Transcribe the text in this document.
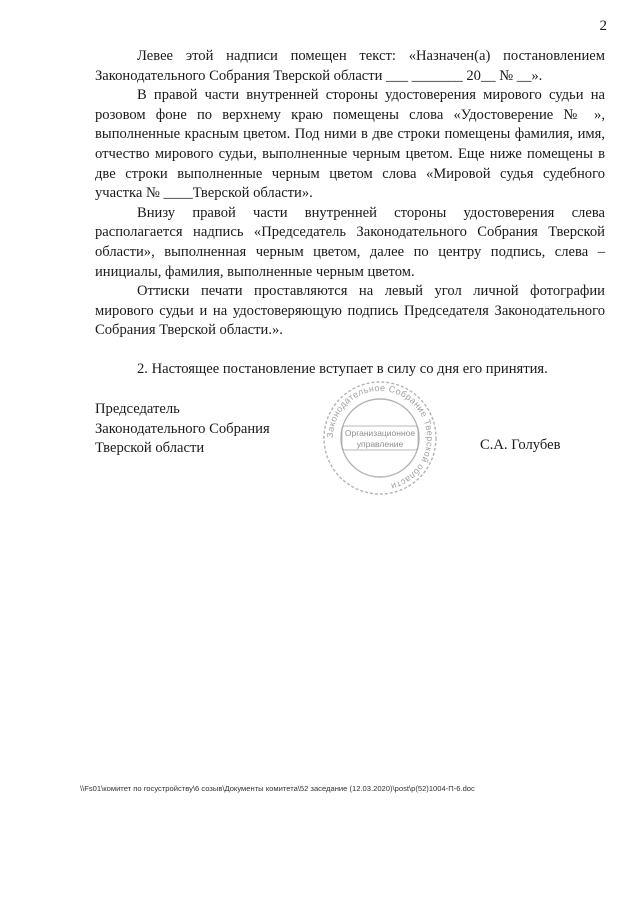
2

Левее этой надписи помещен текст: «Назначен(а) постановлением Законодательного Собрания Тверской области ___ _______ 20__ № __».

В правой части внутренней стороны удостоверения мирового судьи на розовом фоне по верхнему краю помещены слова «Удостоверение № », выполненные красным цветом. Под ними в две строки помещены фамилия, имя, отчество мирового судьи, выполненные черным цветом. Еще ниже помещены в две строки выполненные черным цветом слова «Мировой судья судебного участка № ____Тверской области».

Внизу правой части внутренней стороны удостоверения слева располагается надпись «Председатель Законодательного Собрания Тверской области», выполненная черным цветом, далее по центру подпись, слева – инициалы, фамилия, выполненные черным цветом.

Оттиски печати проставляются на левый угол личной фотографии мирового судьи и на удостоверяющую подпись Председателя Законодательного Собрания Тверской области.».

2. Настоящее постановление вступает в силу со дня его принятия.

Председатель
Законодательного Собрания
Тверской области
Законодательное Собрание Тверской области
Организационное
управление	С.А. Голубев
\\Fs01\комитет по госустройству\6 созыв\Документы комитета\52 заседание (12.03.2020)\post\p(52)1004-П-6.doc
